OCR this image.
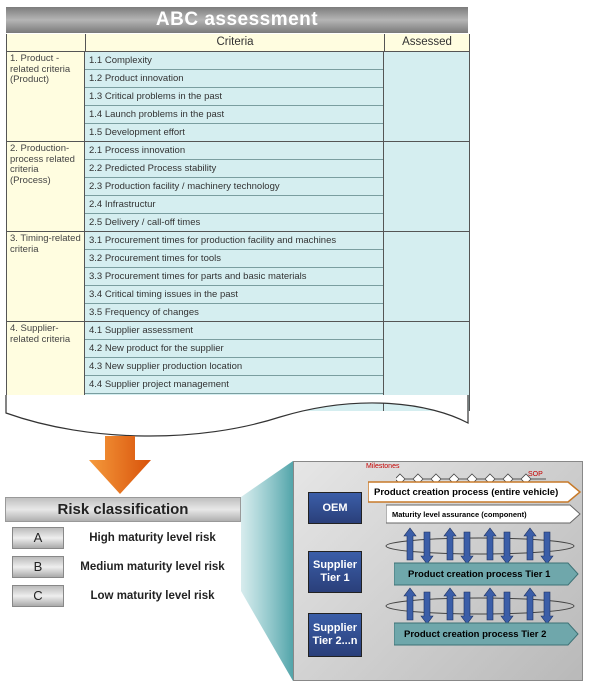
ABC assessment
Criteria	Assessed
1. Product - related criteria (Product)
1.1 Complexity
1.2 Product innovation
1.3 Critical problems in the past
1.4 Launch problems in the past
1.5 Development effort
2. Production-process related criteria (Process)
2.1 Process innovation
2.2 Predicted Process stability
2.3 Production facility / machinery technology
2.4 Infrastructur
2.5 Delivery / call-off times
3. Timing-related criteria
3.1 Procurement times for production facility and machines
3.2 Procurement times for tools
3.3 Procurement times for parts and basic materials
3.4 Critical timing issues in the past
3.5 Frequency of changes
4. Supplier-related criteria
4.1 Supplier assessment
4.2 New product for the supplier
4.3 New supplier production location
4.4 Supplier project management
Risk classification
A	High maturity level risk
B	Medium maturity level risk
C	Low maturity level risk
Milestones
SOP
Product creation process (entire vehicle)
Maturity level assurance (component)
OEM
Supplier Tier 1
Supplier Tier 2...n
Product creation process Tier 1
Product creation process Tier 2
